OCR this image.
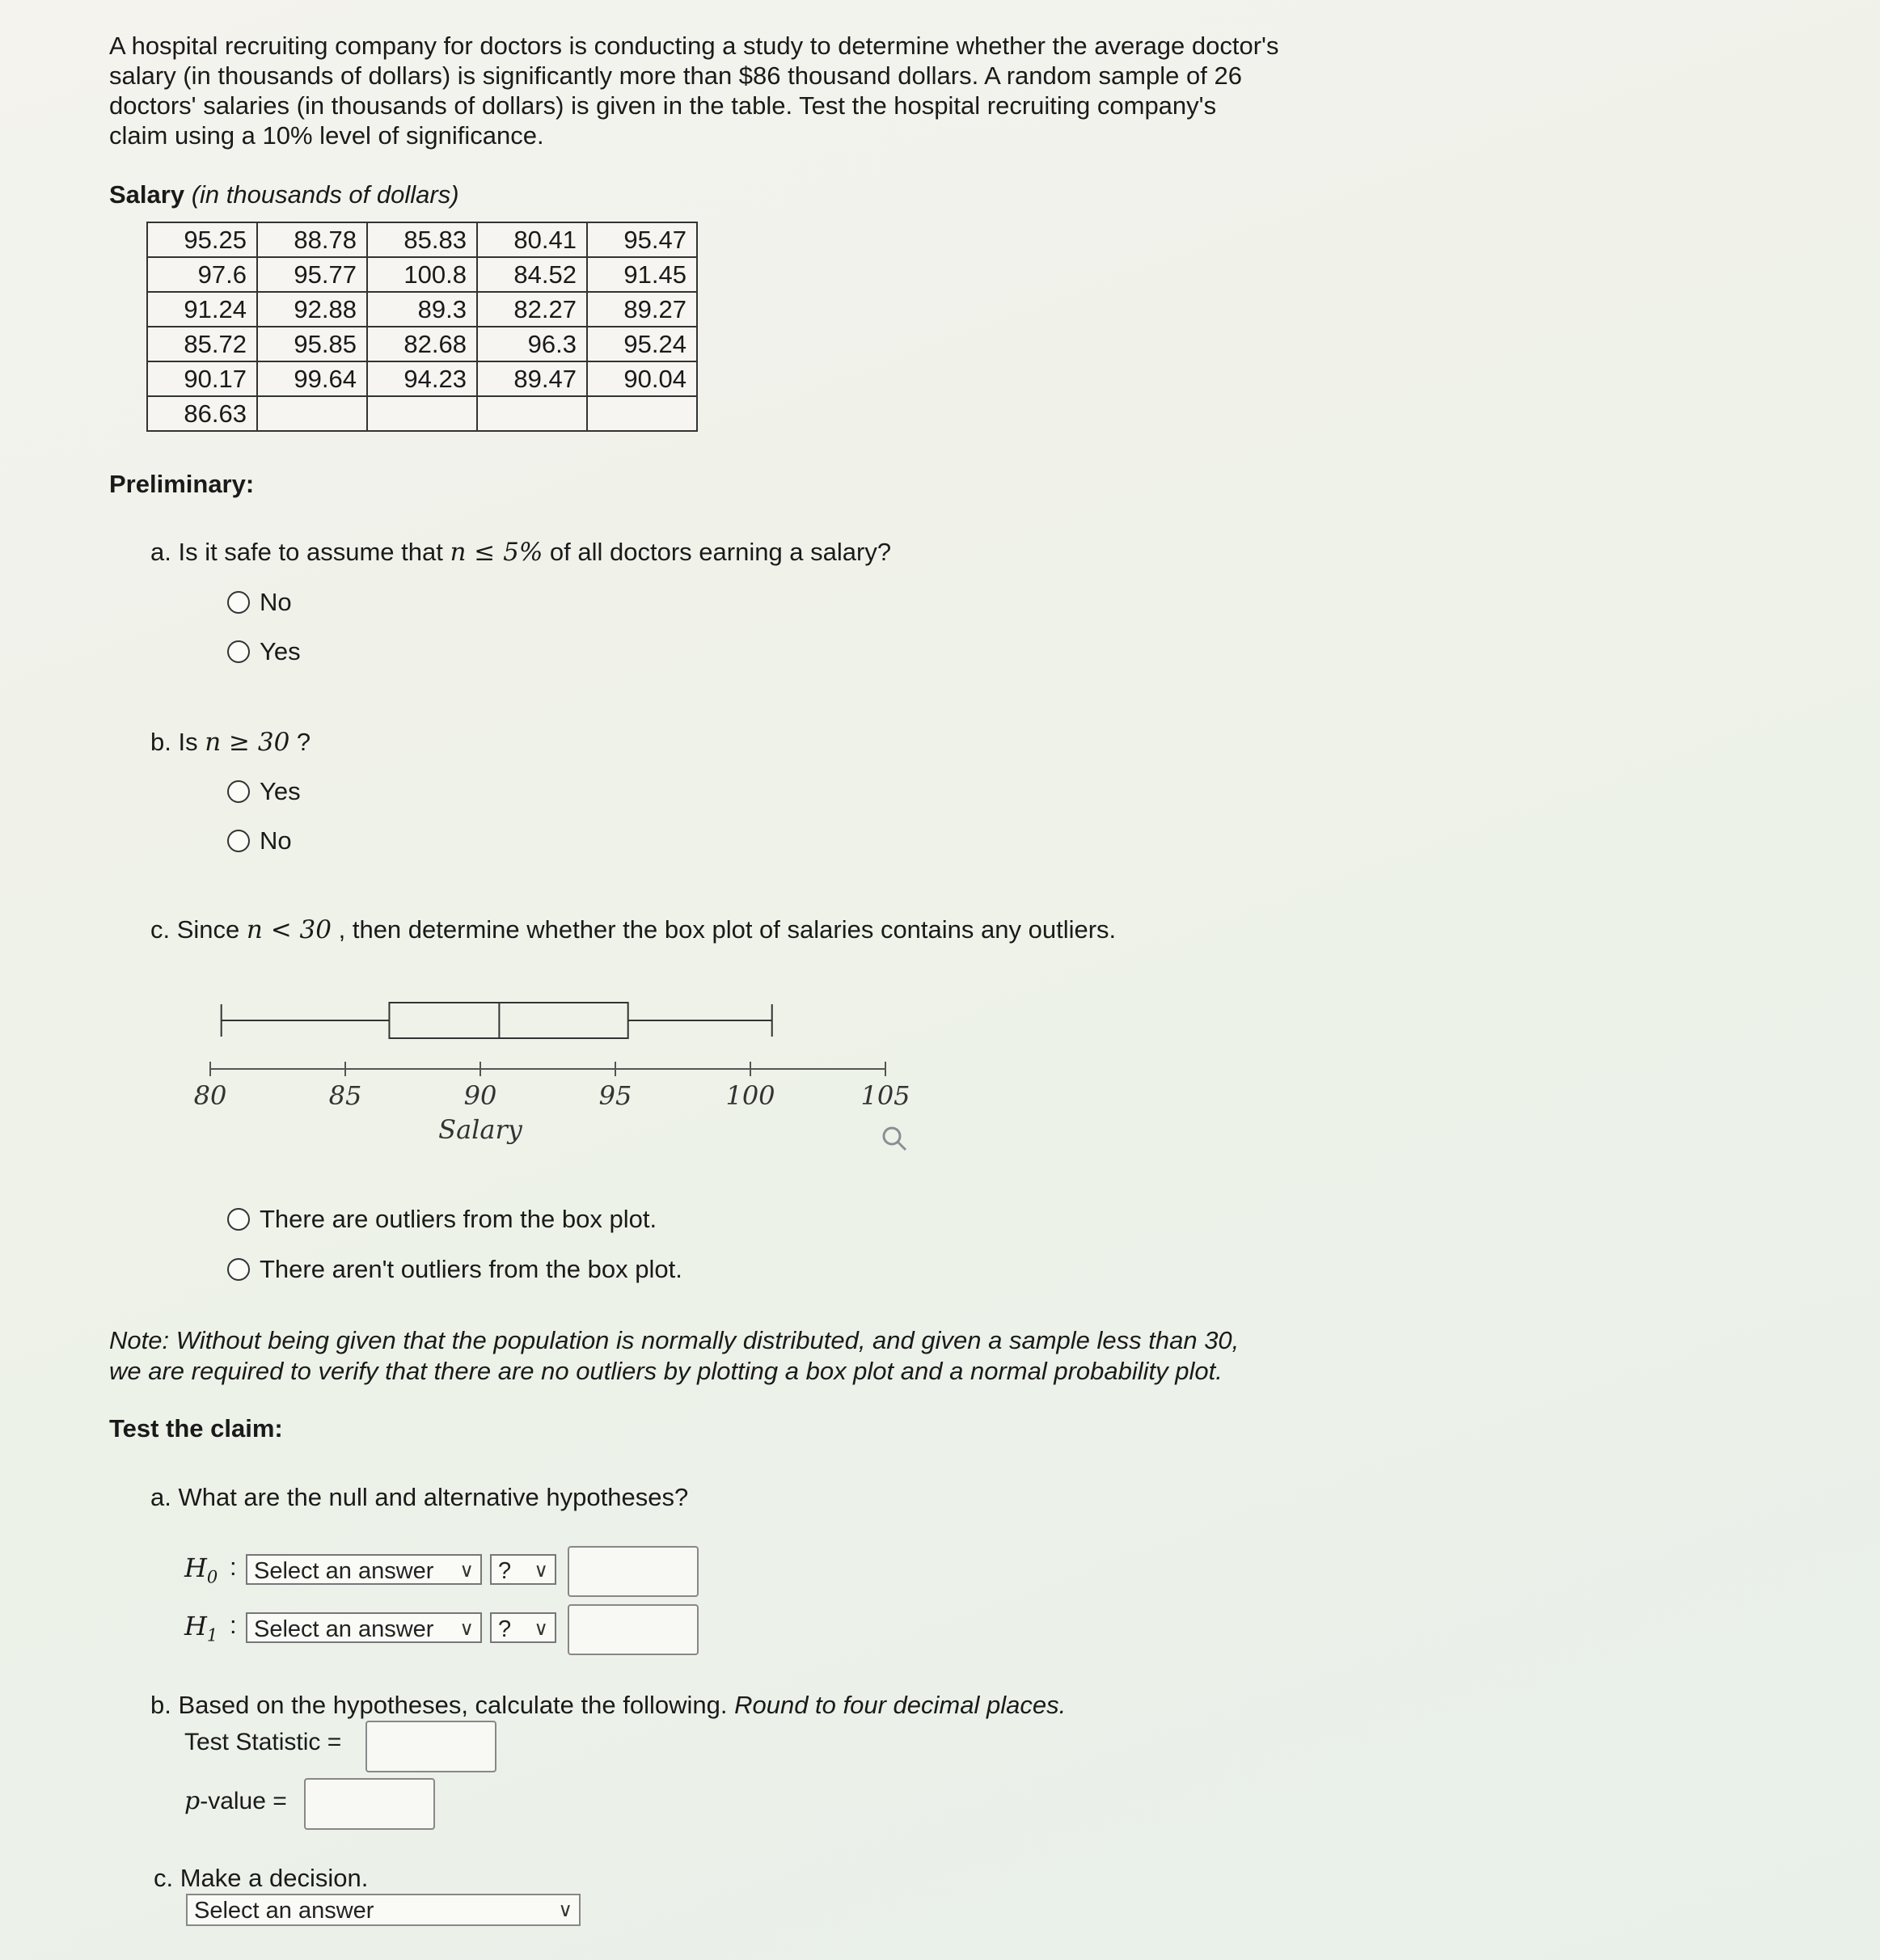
A hospital recruiting company for doctors is conducting a study to determine whether the average doctor's
salary (in thousands of dollars) is significantly more than $86 thousand dollars. A random sample of 26
doctors' salaries (in thousands of dollars) is given in the table. Test the hospital recruiting company's
claim using a 10% level of significance.
Salary (in thousands of dollars)
95.25	88.78	85.83	80.41	95.47
97.6	95.77	100.8	84.52	91.45
91.24	92.88	89.3	82.27	89.27
85.72	95.85	82.68	96.3	95.24
90.17	99.64	94.23	89.47	90.04
86.63				
Preliminary:
a. Is it safe to assume that n ≤ 5% of all doctors earning a salary?
No
Yes
b. Is n ≥ 30 ?
Yes
No
c. Since n < 30 , then determine whether the box plot of salaries contains any outliers.
80	85	90	95	100	105
Salary
There are outliers from the box plot.
There aren't outliers from the box plot.
Note: Without being given that the population is normally distributed, and given a sample less than 30,
we are required to verify that there are no outliers by plotting a box plot and a normal probability plot.
Test the claim:
a. What are the null and alternative hypotheses?
$H_0$ : Select an answer ∨	? ∨
$H_1$ : Select an answer ∨	? ∨
b. Based on the hypotheses, calculate the following. Round to four decimal places.
Test Statistic =
p-value =
c. Make a decision.
Select an answer	∨
